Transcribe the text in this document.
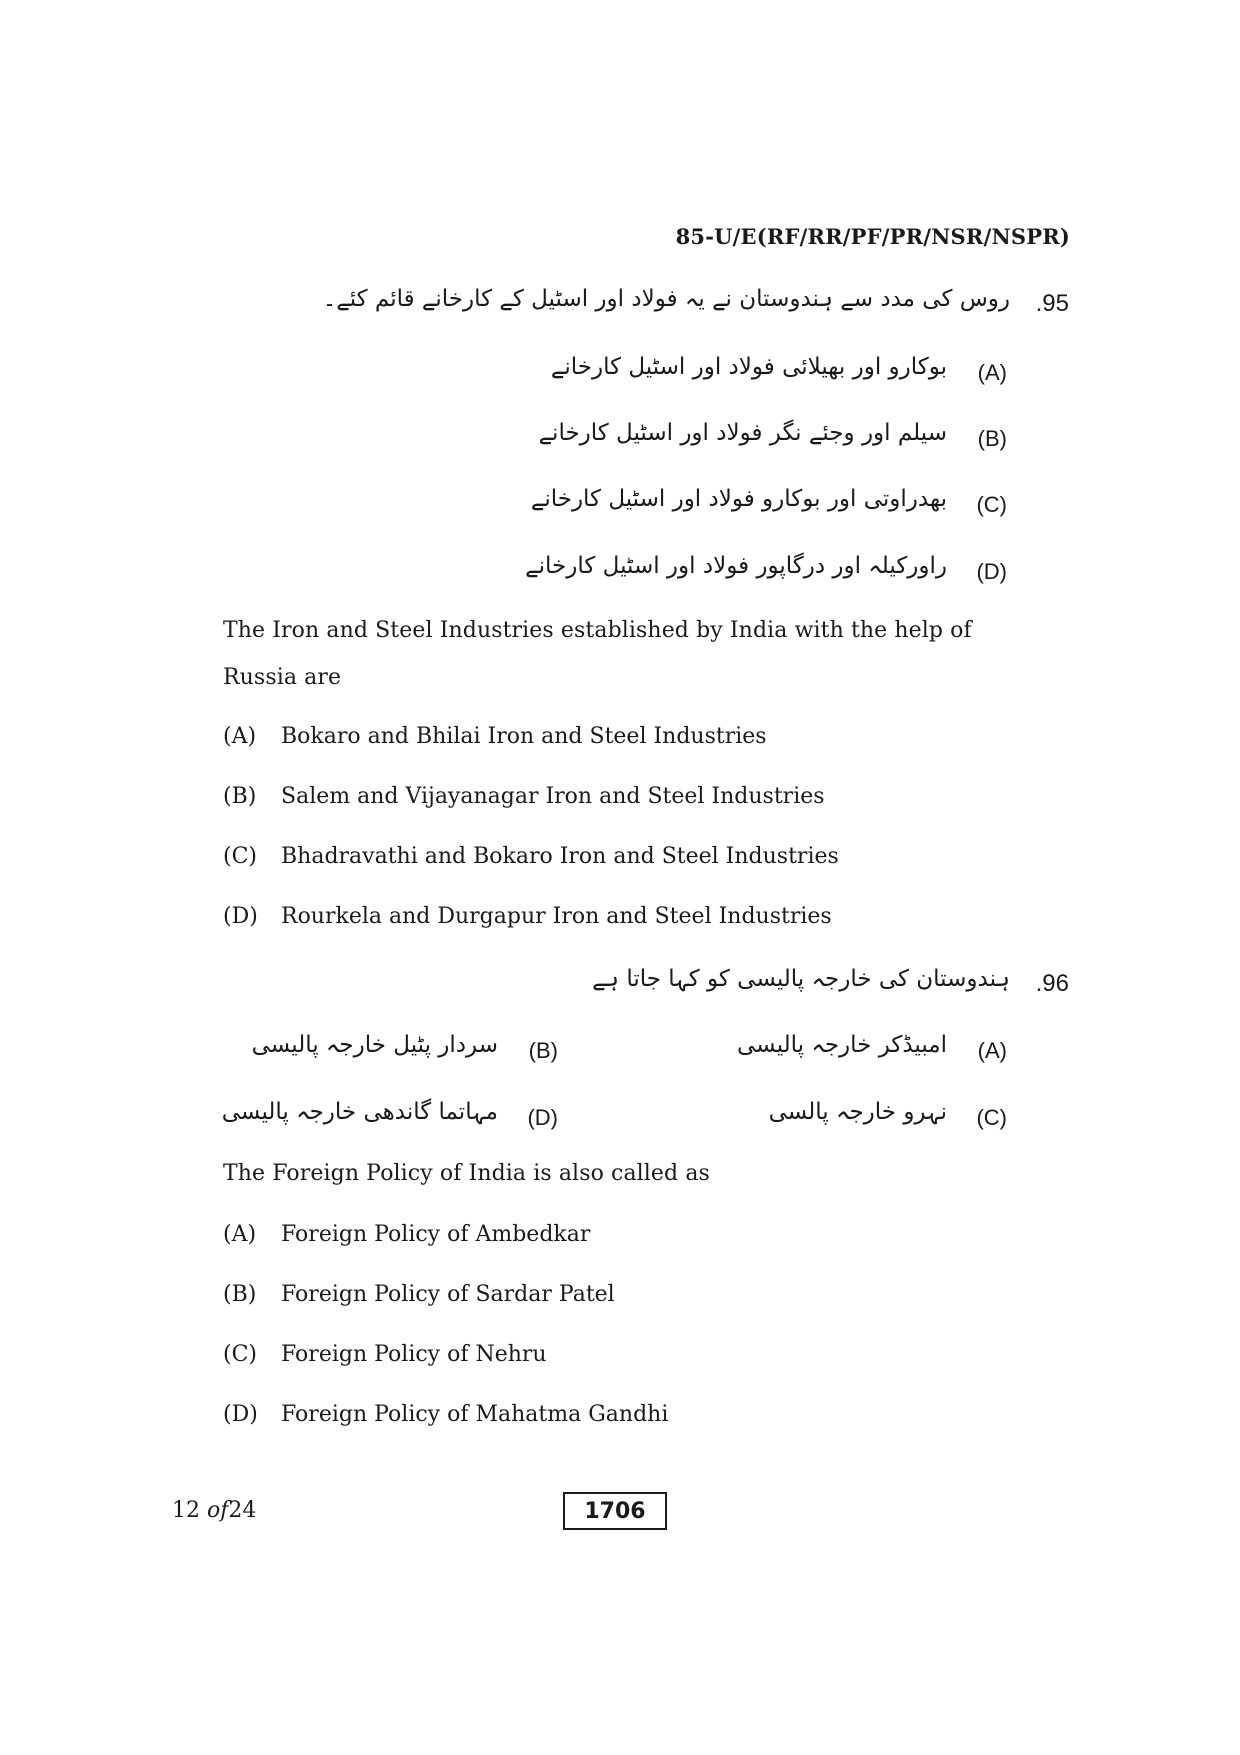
85-U/E(RF/RR/PF/PR/NSR/NSPR)
.95
روس کی مدد سے ہندوستان نے یہ فولاد اور اسٹیل کے کارخانے قائم کئے۔
(A)
بوکارو اور بھیلائی فولاد اور اسٹیل کارخانے
(B)
سیلم اور وجئے نگر فولاد اور اسٹیل کارخانے
(C)
بھدراوتی اور بوکارو فولاد اور اسٹیل کارخانے
(D)
راورکیلہ اور درگاپور فولاد اور اسٹیل کارخانے
The Iron and Steel Industries established by India with the help of Russia are
(A) Bokaro and Bhilai Iron and Steel Industries
(B) Salem and Vijayanagar Iron and Steel Industries
(C) Bhadravathi and Bokaro Iron and Steel Industries
(D) Rourkela and Durgapur Iron and Steel Industries
.96
ہندوستان کی خارجہ پالیسی کو کہا جاتا ہے
(A)
امبیڈکر خارجہ پالیسی
(B)
سردار پٹیل خارجہ پالیسی
(C)
نہرو خارجہ پالسی
(D)
مہاتما گاندھی خارجہ پالیسی
The Foreign Policy of India is also called as
(A) Foreign Policy of Ambedkar
(B) Foreign Policy of Sardar Patel
(C) Foreign Policy of Nehru
(D) Foreign Policy of Mahatma Gandhi
12 of24	1706
